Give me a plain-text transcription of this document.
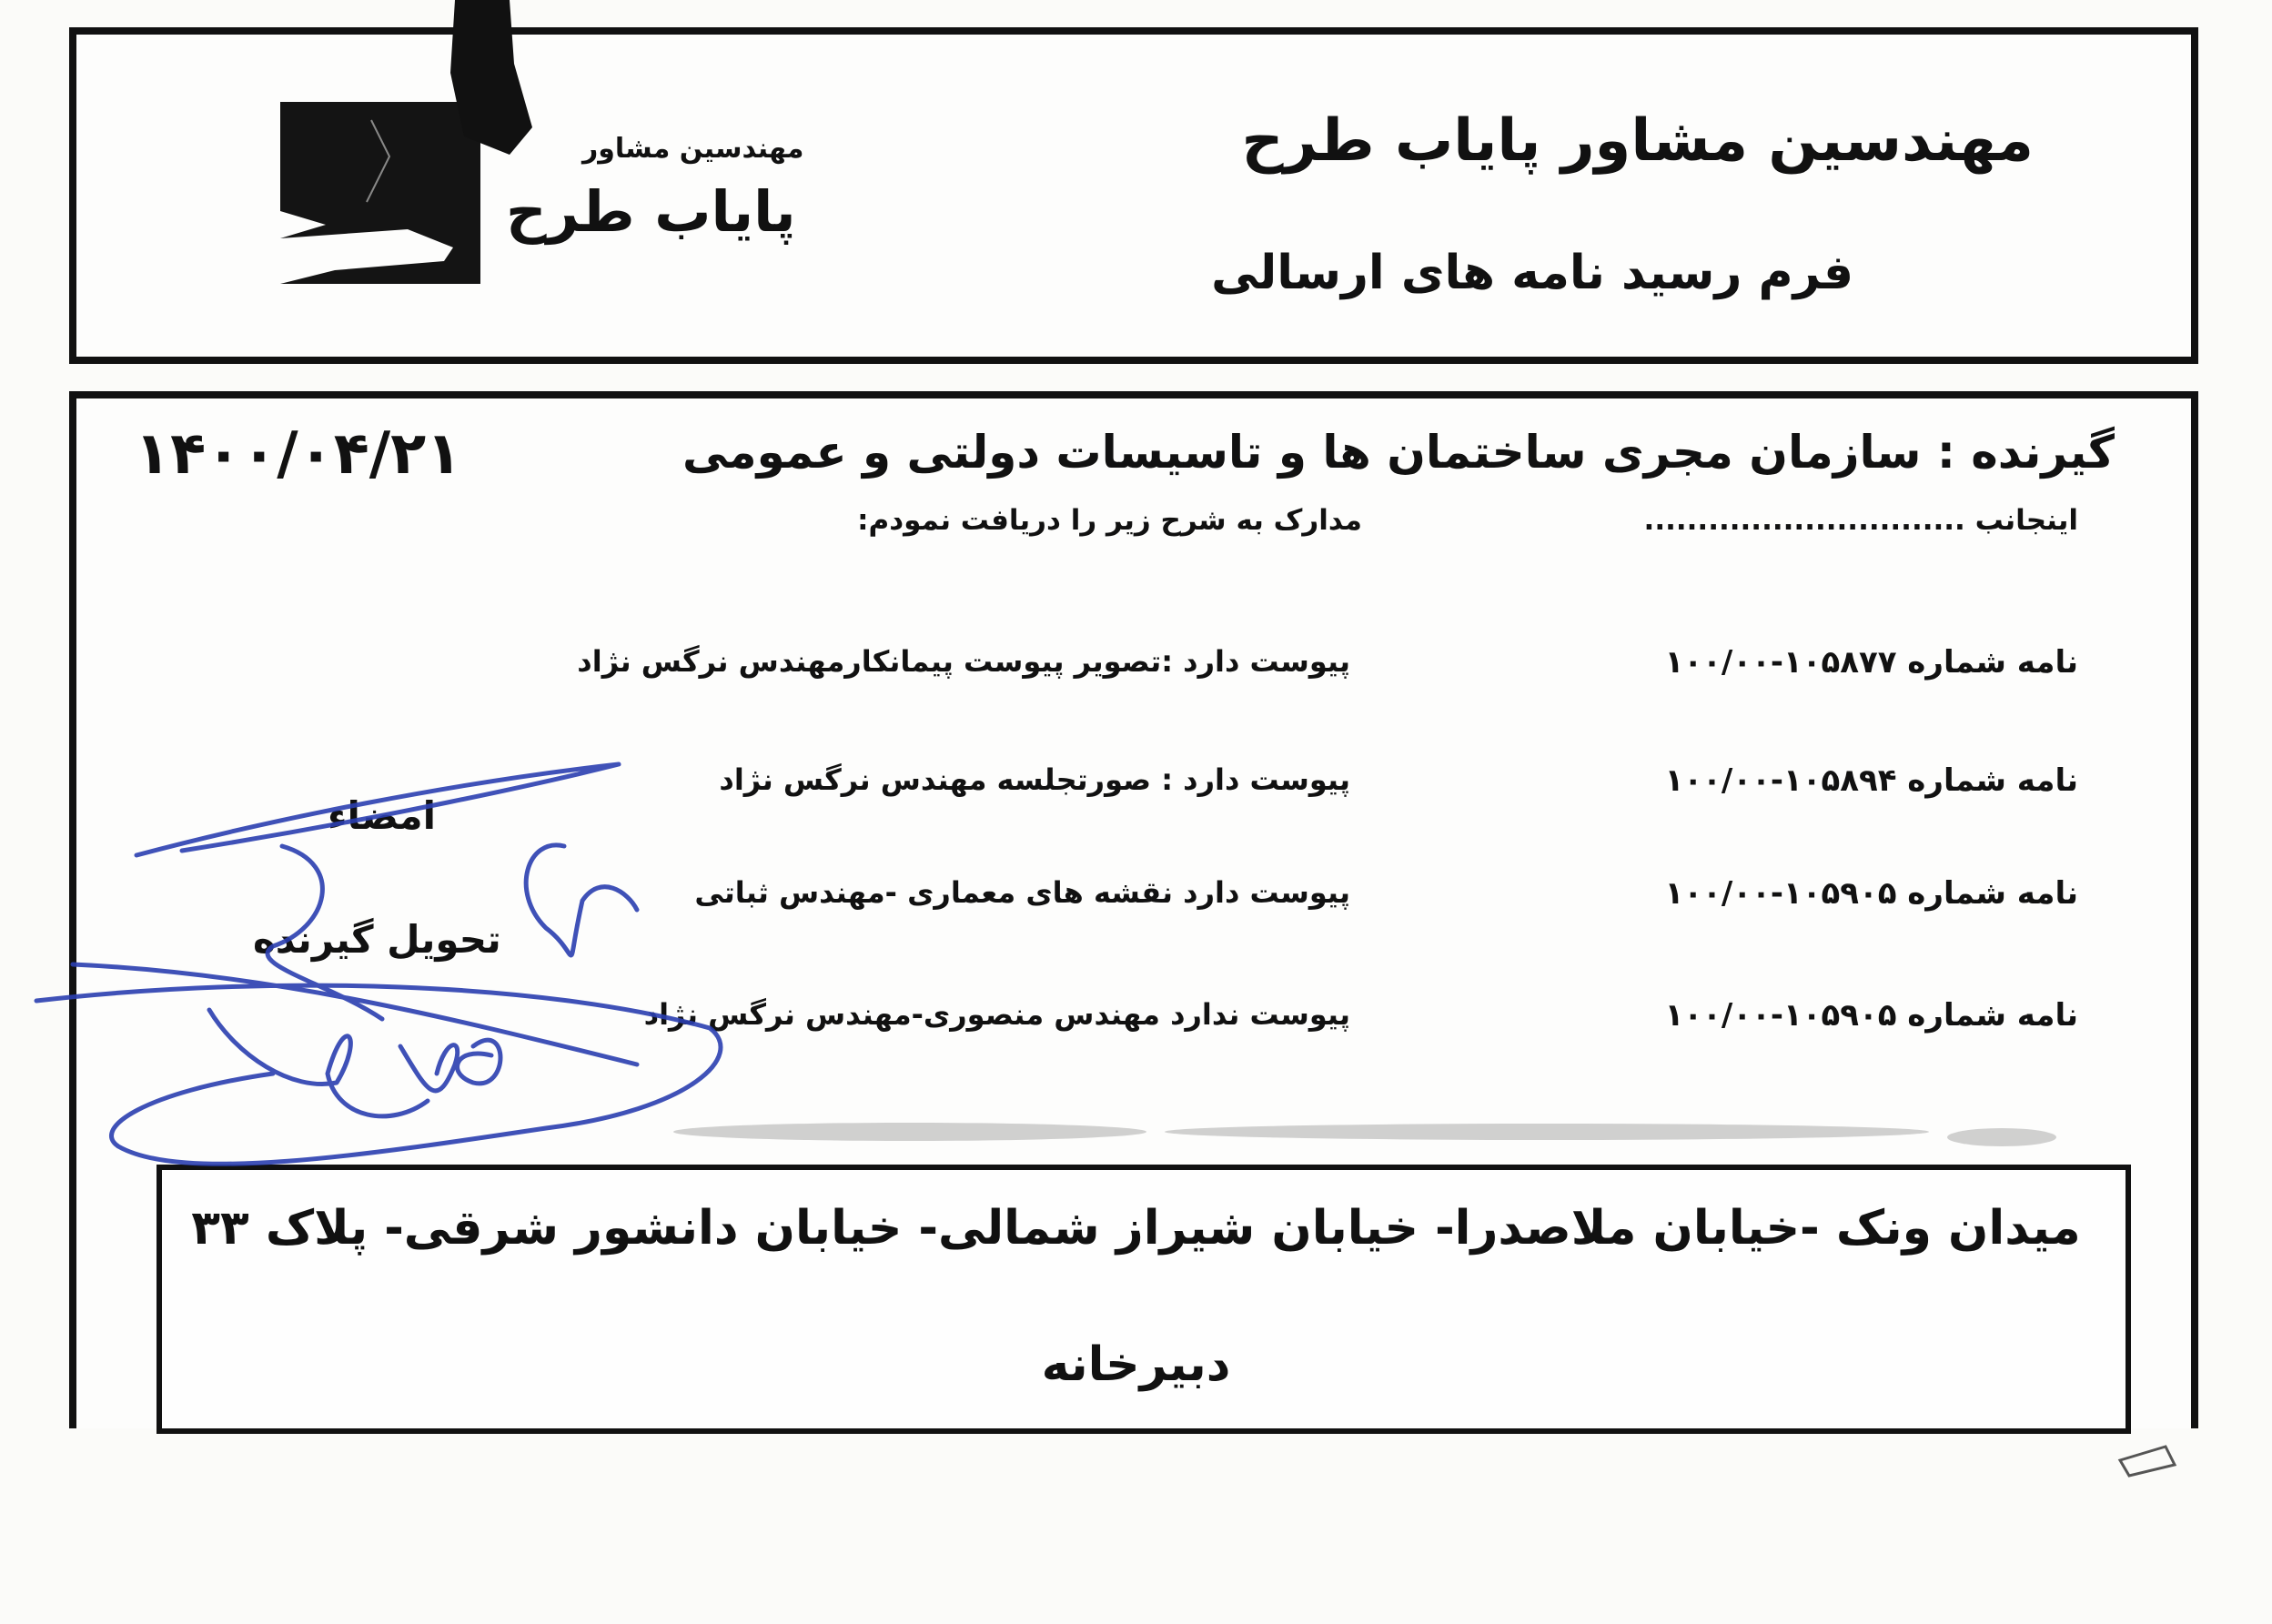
مهندسین مشاور
پایاب طرح
مهندسین مشاور پایاب طرح
فرم رسید نامه های ارسالی
۱۴۰۰/۰۴/۲۱	گیرنده : سازمان مجری ساختمان ها و تاسیسات دولتی و عمومی
اینجانب ..............................
مدارک به شرح زیر را دریافت نمودم:
نامه شماره ۱۰۵۸۷۷-۱۰۰/۰۰
پیوست دارد :تصویر پیوست پیمانکارمهندس نرگس نژاد
نامه شماره ۱۰۵۸۹۴-۱۰۰/۰۰
پیوست دارد : صورتجلسه مهندس نرگس نژاد
نامه شماره ۱۰۵۹۰۵-۱۰۰/۰۰
پیوست دارد نقشه های معماری -مهندس ثباتی
نامه شماره ۱۰۵۹۰۵-۱۰۰/۰۰
پیوست ندارد مهندس منصوری-مهندس نرگس نژاد
امضاء
تحویل گیرنده
میدان ونک -خیابان ملاصدرا- خیابان شیراز شمالی- خیابان دانشور شرقی- پلاک ۳۳
دبیرخانه
